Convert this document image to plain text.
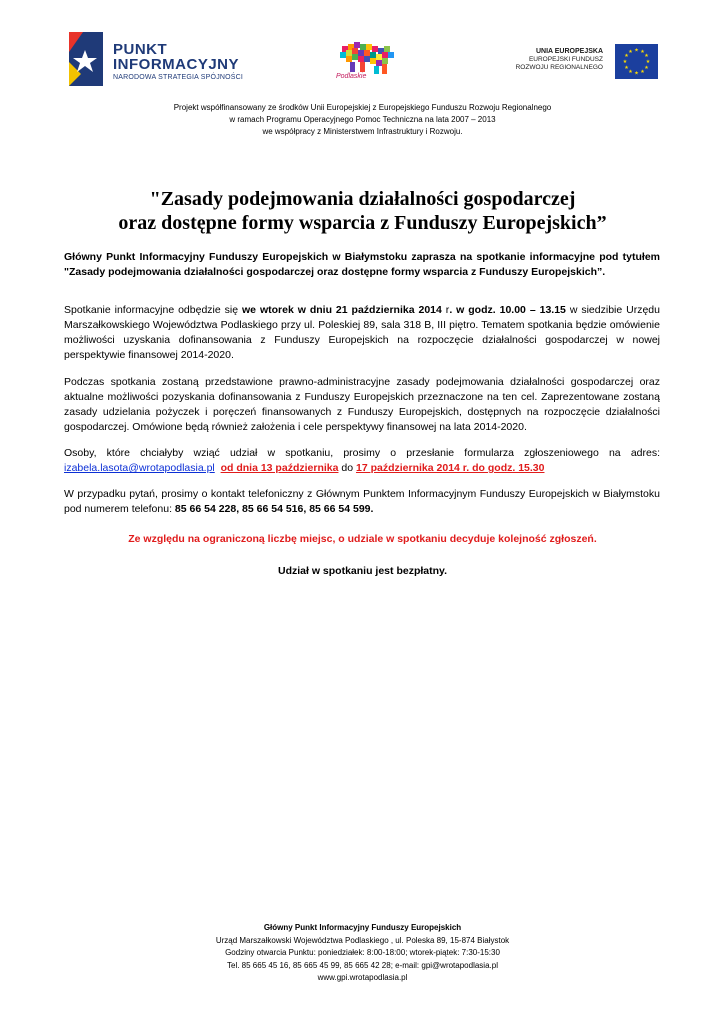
PUNKT
INFORMACYJNY
NARODOWA STRATEGIA SPÓJNOŚCI	Podlaskie
UNIA EUROPEJSKA
EUROPEJSKI FUNDUSZ
ROZWOJU REGIONALNEGO
★ ★
★
★
★
★
★
★
★
★
★
★
Projekt współfinansowany ze środków Unii Europejskiej z Europejskiego Funduszu Rozwoju Regionalnego
w ramach Programu Operacyjnego Pomoc Techniczna na lata 2007 – 2013
we współpracy z Ministerstwem Infrastruktury i Rozwoju.
"Zasady podejmowania działalności gospodarczej
oraz dostępne formy wsparcia z Funduszy Europejskich”
Główny Punkt Informacyjny Funduszy Europejskich w Białymstoku zaprasza na spotkanie informacyjne pod tytułem "Zasady podejmowania działalności gospodarczej oraz dostępne formy wsparcia z Funduszy Europejskich”.
Spotkanie informacyjne odbędzie się we wtorek w dniu 21 października 2014 r. w godz. 10.00 – 13.15 w siedzibie Urzędu Marszałkowskiego Województwa Podlaskiego przy ul. Poleskiej 89, sala 318 B, III piętro. Tematem spotkania będzie omówienie możliwości uzyskania dofinansowania z Funduszy Europejskich na rozpoczęcie działalności gospodarczej w nowej perspektywie finansowej 2014-2020.
Podczas spotkania zostaną przedstawione prawno-administracyjne zasady podejmowania działalności gospodarczej oraz aktualne możliwości pozyskania dofinansowania z Funduszy Europejskich przeznaczone na ten cel. Zaprezentowane zostaną zasady udzielania pożyczek i poręczeń finansowanych z Funduszy Europejskich, dostępnych na rozpoczęcie działalności gospodarczej. Omówione będą również założenia i cele perspektywy finansowej na lata 2014-2020.
Osoby, które chciałyby wziąć udział w spotkaniu, prosimy o przesłanie formularza zgłoszeniowego na adres: izabela.lasota@wrotapodlasia.pl od dnia 13 października do 17 października 2014 r. do godz. 15.30
W przypadku pytań, prosimy o kontakt telefoniczny z Głównym Punktem Informacyjnym Funduszy Europejskich w Białymstoku pod numerem telefonu: 85 66 54 228, 85 66 54 516, 85 66 54 599.
Ze względu na ograniczoną liczbę miejsc, o udziale w spotkaniu decyduje kolejność zgłoszeń.
Udział w spotkaniu jest bezpłatny.
Główny Punkt Informacyjny Funduszy Europejskich
Urząd Marszałkowski Województwa Podlaskiego , ul. Poleska 89, 15-874 Białystok
Godziny otwarcia Punktu: poniedziałek: 8:00-18:00; wtorek-piątek: 7:30-15:30
Tel. 85 665 45 16, 85 665 45 99, 85 665 42 28; e-mail: gpi@wrotapodlasia.pl
www.gpi.wrotapodlasia.pl
